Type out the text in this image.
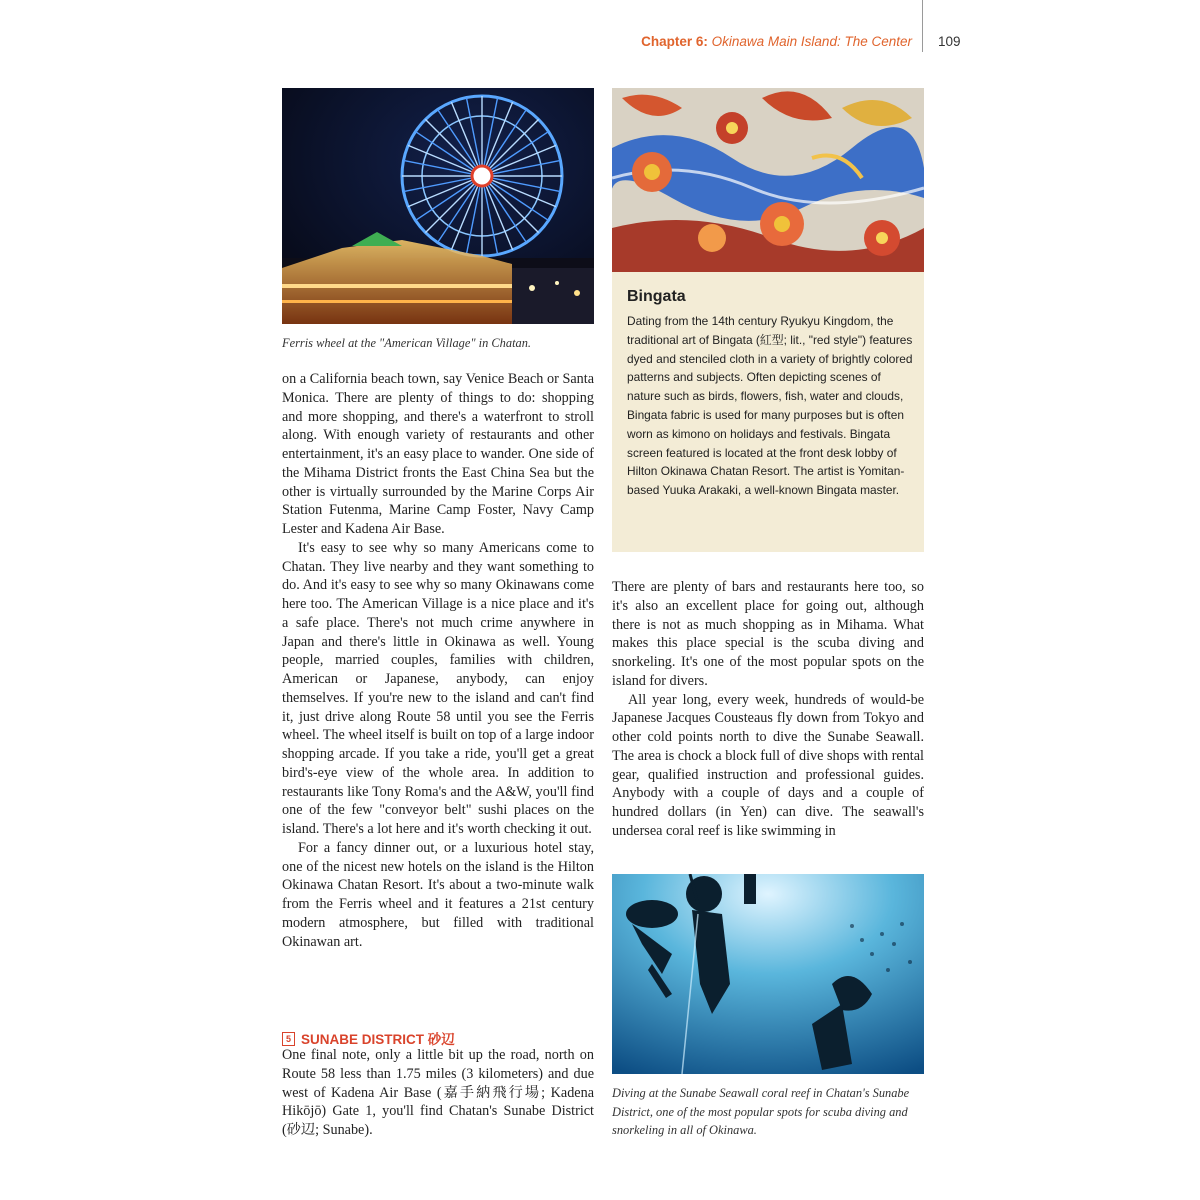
Chapter 6: Okinawa Main Island: The Center 109
Ferris wheel at the "American Village" in Chatan.
Bingata
Dating from the 14th century Ryukyu Kingdom, the traditional art of Bingata (紅型; lit., "red style") features dyed and stenciled cloth in a variety of brightly colored patterns and subjects. Often depicting scenes of nature such as birds, flowers, fish, water and clouds, Bingata fabric is used for many purposes but is often worn as kimono on holidays and festivals. Bingata screen featured is located at the front desk lobby of Hilton Okinawa Chatan Resort. The artist is Yomitan-based Yuuka Arakaki, a well-known Bingata master.

on a California beach town, say Venice Beach or Santa Monica. There are plenty of things to do: shopping and more shopping, and there's a waterfront to stroll along. With enough variety of restaurants and other entertainment, it's an easy place to wander. One side of the Mihama District fronts the East China Sea but the other is virtually surrounded by the Marine Corps Air Station Futenma, Marine Camp Foster, Navy Camp Lester and Kadena Air Base.

It's easy to see why so many Americans come to Chatan. They live nearby and they want something to do. And it's easy to see why so many Okinawans come here too. The American Village is a nice place and it's a safe place. There's not much crime anywhere in Japan and there's little in Okinawa as well. Young people, married couples, families with children, American or Japanese, anybody, can enjoy themselves. If you're new to the island and can't find it, just drive along Route 58 until you see the Ferris wheel. The wheel itself is built on top of a large indoor shopping arcade. If you take a ride, you'll get a great bird's-eye view of the whole area. In addition to restaurants like Tony Roma's and the A&W, you'll find one of the few "conveyor belt" sushi places on the island. There's a lot here and it's worth checking it out.

For a fancy dinner out, or a luxurious hotel stay, one of the nicest new hotels on the island is the Hilton Okinawa Chatan Resort. It's about a two-minute walk from the Ferris wheel and it features a 21st century modern atmosphere, but filled with traditional Okinawan art.

5 SUNABE DISTRICT 砂辺

One final note, only a little bit up the road, north on Route 58 less than 1.75 miles (3 kilometers) and due west of Kadena Air Base (嘉手納飛行場; Kadena Hikōjō) Gate 1, you'll find Chatan's Sunabe District (砂辺; Sunabe).

There are plenty of bars and restaurants here too, so it's also an excellent place for going out, although there is not as much shopping as in Mihama. What makes this place special is the scuba diving and snorkeling. It's one of the most popular spots on the island for divers.

All year long, every week, hundreds of would-be Japanese Jacques Cousteaus fly down from Tokyo and other cold points north to dive the Sunabe Seawall. The area is chock a block full of dive shops with rental gear, qualified instruction and professional guides. Anybody with a couple of days and a couple of hundred dollars (in Yen) can dive. The seawall's undersea coral reef is like swimming in

Diving at the Sunabe Seawall coral reef in Chatan's Sunabe District, one of the most popular spots for scuba diving and snorkeling in all of Okinawa.
